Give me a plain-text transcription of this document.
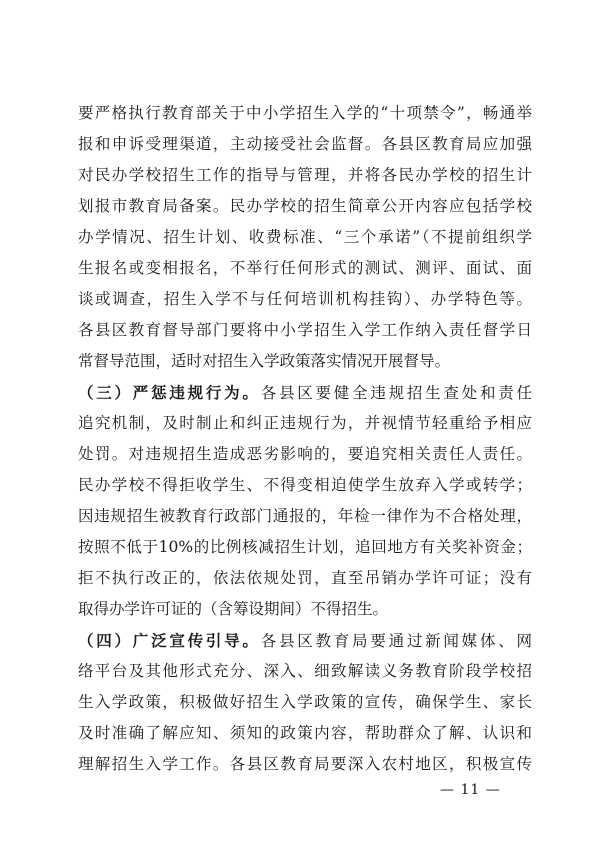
要严格执行教育部关于中小学招生入学的“十项禁令”，畅通举
报和申诉受理渠道，主动接受社会监督。各县区教育局应加强
对民办学校招生工作的指导与管理，并将各民办学校的招生计
划报市教育局备案。民办学校的招生简章公开内容应包括学校
办学情况、招生计划、收费标准、“三个承诺”（不提前组织学
生报名或变相报名，不举行任何形式的测试、测评、面试、面
谈或调查，招生入学不与任何培训机构挂钩）、办学特色等。
各县区教育督导部门要将中小学招生入学工作纳入责任督学日
常督导范围，适时对招生入学政策落实情况开展督导。
（三）严惩违规行为。各县区要健全违规招生查处和责任
追究机制，及时制止和纠正违规行为，并视情节轻重给予相应
处罚。对违规招生造成恶劣影响的，要追究相关责任人责任。
民办学校不得拒收学生、不得变相迫使学生放弃入学或转学；
因违规招生被教育行政部门通报的，年检一律作为不合格处理，
按照不低于10%的比例核减招生计划，追回地方有关奖补资金；
拒不执行改正的，依法依规处罚，直至吊销办学许可证；没有
取得办学许可证的（含筹设期间）不得招生。
（四）广泛宣传引导。各县区教育局要通过新闻媒体、网
络平台及其他形式充分、深入、细致解读义务教育阶段学校招
生入学政策，积极做好招生入学政策的宣传，确保学生、家长
及时准确了解应知、须知的政策内容，帮助群众了解、认识和
理解招生入学工作。各县区教育局要深入农村地区，积极宣传
— 11 —
